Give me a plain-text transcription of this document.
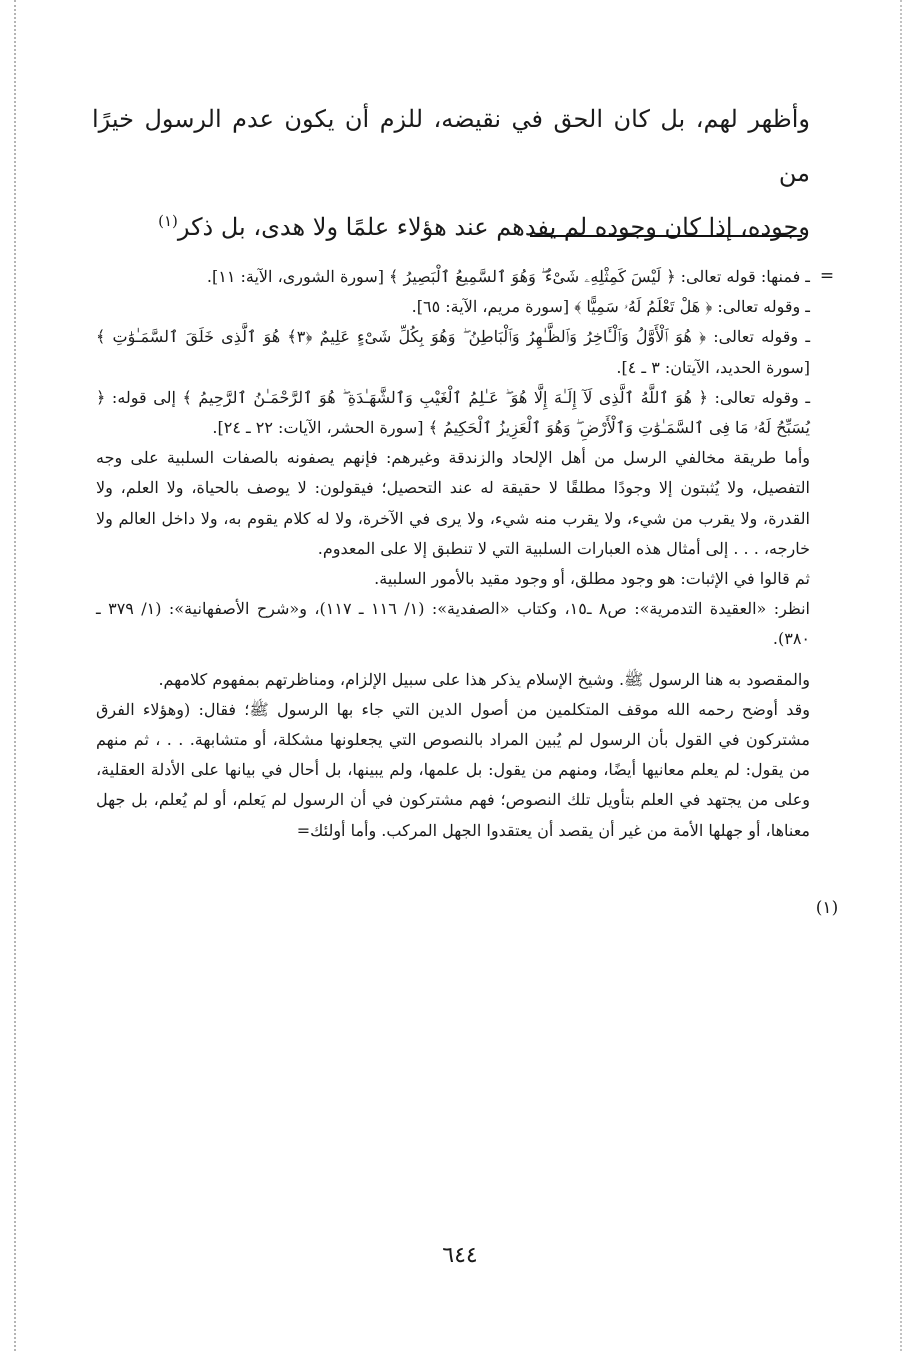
وأظهر لهم، بل كان الحق في نقيضه، للزم أن يكون عدم الرسول خيرًا من

وجوده، إذا كان وجوده لم يفدهم عند هؤلاء علمًا ولا هدى، بل ذكر$^{(١)}$

=

ـ فمنها: قوله تعالى: ﴿ لَيْسَ كَمِثْلِهِۦ شَىْءٌ ۖ وَهُوَ ٱلسَّمِيعُ ٱلْبَصِيرُ ﴾ [سورة الشورى، الآية: ١١].

ـ وقوله تعالى: ﴿ هَلْ تَعْلَمُ لَهُۥ سَمِيًّا ﴾ [سورة مريم، الآية: ٦٥].

ـ وقوله تعالى: ﴿ هُوَ ٱلْأَوَّلُ وَٱلْـَٔاخِرُ وَٱلظَّـٰهِرُ وَٱلْبَاطِنُ ۖ وَهُوَ بِكُلِّ شَىْءٍ عَلِيمٌ ﴿٣﴾ هُوَ ٱلَّذِى خَلَقَ ٱلسَّمَـٰوَٰتِ ﴾ [سورة الحديد، الآيتان: ٣ ـ ٤].

ـ وقوله تعالى: ﴿ هُوَ ٱللَّهُ ٱلَّذِى لَآ إِلَـٰهَ إِلَّا هُوَ ۖ عَـٰلِمُ ٱلْغَيْبِ وَٱلشَّهَـٰدَةِ ۖ هُوَ ٱلرَّحْمَـٰنُ ٱلرَّحِيمُ ﴾ إلى قوله: ﴿ يُسَبِّحُ لَهُۥ مَا فِى ٱلسَّمَـٰوَٰتِ وَٱلْأَرْضِ ۖ وَهُوَ ٱلْعَزِيزُ ٱلْحَكِيمُ ﴾ [سورة الحشر، الآيات: ٢٢ ـ ٢٤].

وأما طريقة مخالفي الرسل من أهل الإلحاد والزندقة وغيرهم: فإنهم يصفونه بالصفات السلبية على وجه التفصيل، ولا يُثبتون إلا وجودًا مطلقًا لا حقيقة له عند التحصيل؛ فيقولون: لا يوصف بالحياة، ولا العلم، ولا القدرة، ولا يقرب من شيء، ولا يقرب منه شيء، ولا يرى في الآخرة، ولا له كلام يقوم به، ولا داخل العالم ولا خارجه، . . . إلى أمثال هذه العبارات السلبية التي لا تنطبق إلا على المعدوم.

ثم قالوا في الإثبات: هو وجود مطلق، أو وجود مقيد بالأمور السلبية.

انظر: «العقيدة التدمرية»: ص٨ ـ١٥، وكتاب «الصفدية»: (١/ ١١٦ ـ ١١٧)، و«شرح الأصفهانية»: (١/ ٣٧٩ ـ ٣٨٠).

والمقصود به هنا الرسول ﷺ. وشيخ الإسلام يذكر هذا على سبيل الإلزام، ومناظرتهم بمفهوم كلامهم.

وقد أوضح رحمه الله موقف المتكلمين من أصول الدين التي جاء بها الرسول ﷺ؛ فقال: (وهؤلاء الفرق مشتركون في القول بأن الرسول لم يُبين المراد بالنصوص التي يجعلونها مشكلة، أو متشابهة. . . ، ثم منهم من يقول: لم يعلم معانيها أيضًا، ومنهم من يقول: بل علمها، ولم يبينها، بل أحال في بيانها على الأدلة العقلية، وعلى من يجتهد في العلم بتأويل تلك النصوص؛ فهم مشتركون في أن الرسول لم يَعلم، أو لم يُعلم، بل جهل معناها، أو جهلها الأمة من غير أن يقصد أن يعتقدوا الجهل المركب. وأما أولئك=

(١)
٦٤٤
